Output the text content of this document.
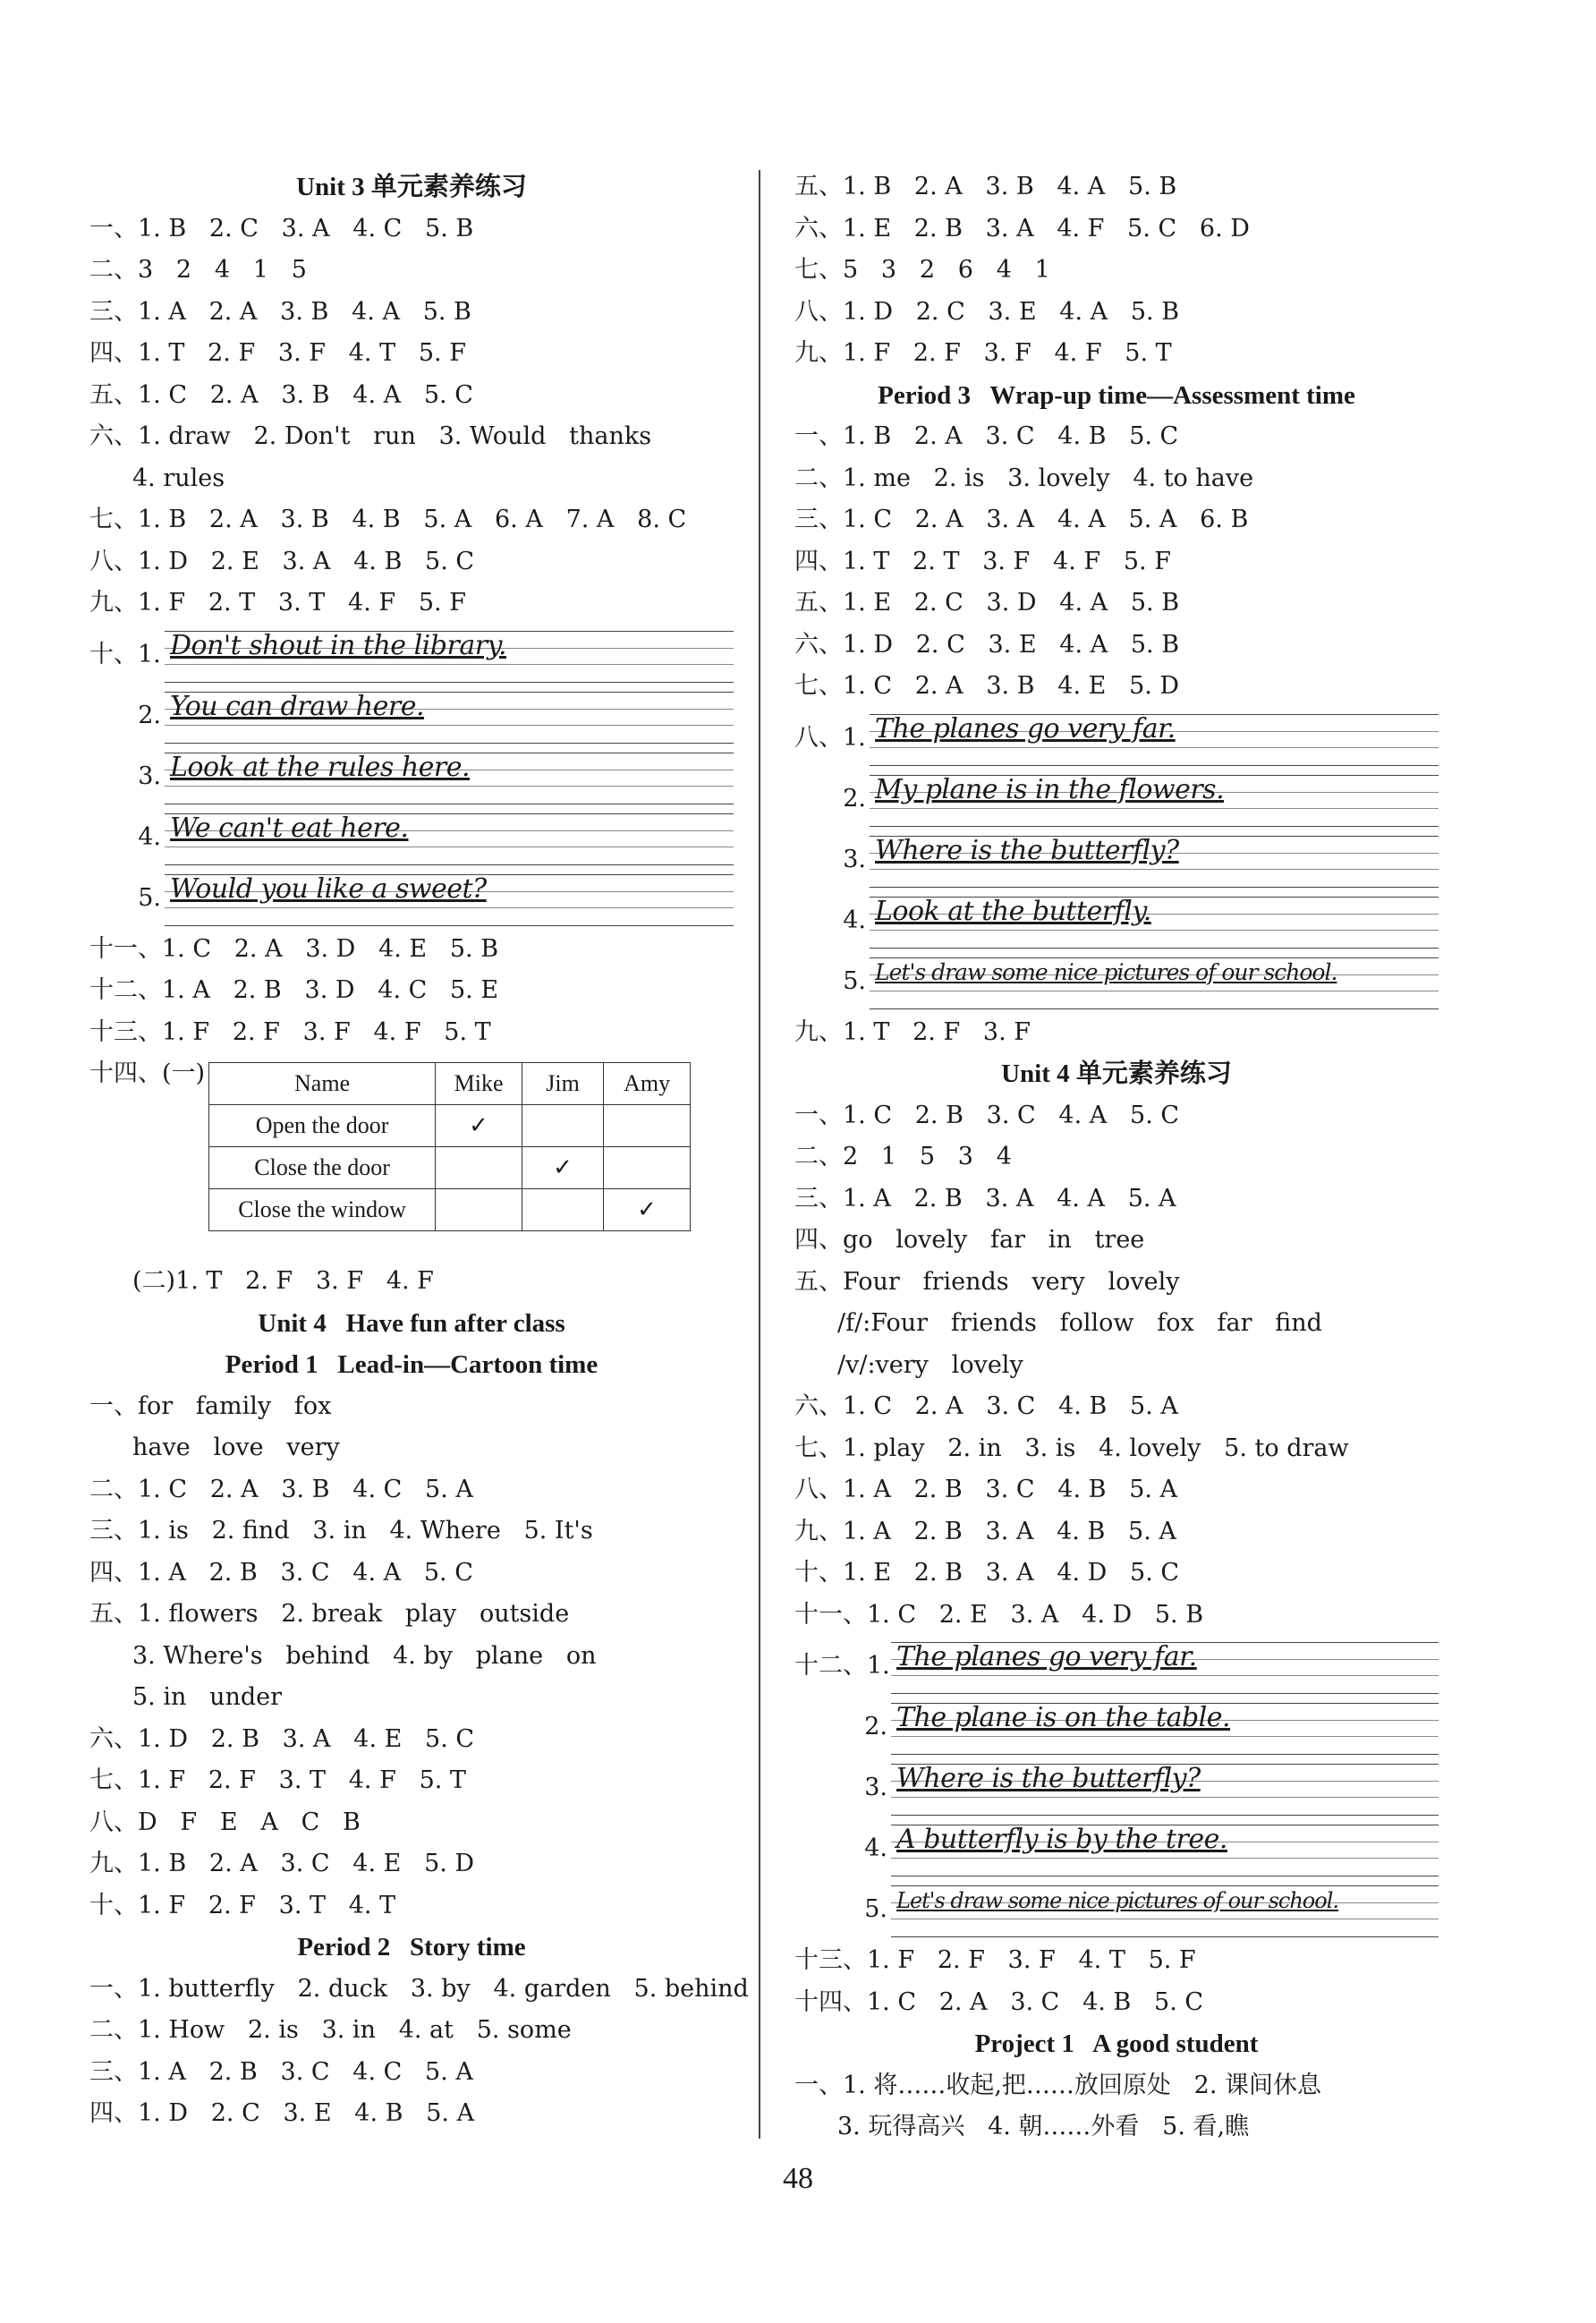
Unit 3 单元素养练习
一、1. B   2. C   3. A   4. C   5. B
二、3   2   4   1   5
三、1. A   2. A   3. B   4. A   5. B
四、1. T   2. F   3. F   4. T   5. F
五、1. C   2. A   3. B   4. A   5. C
六、1. draw   2. Don't   run   3. Would   thanks
4. rules
七、1. B   2. A   3. B   4. B   5. A   6. A   7. A   8. C
八、1. D   2. E   3. A   4. B   5. C
九、1. F   2. T   3. T   4. F   5. F
十、1. Don't shout in the library.
2. You can draw here.
3. Look at the rules here.
4. We can't eat here.
5. Would you like a sweet?
十一、1. C   2. A   3. D   4. E   5. B
十二、1. A   2. B   3. D   4. C   5. E
十三、1. F   2. F   3. F   4. F   5. T
十四、(一)	Name	Mike	Jim	Amy
Open the door	✓		
Close the door		✓	
Close the window			✓
(二)1. T   2. F   3. F   4. F
Unit 4   Have fun after class
Period 1   Lead-in—Cartoon time
一、for   family   fox
have   love   very
二、1. C   2. A   3. B   4. C   5. A
三、1. is   2. find   3. in   4. Where   5. It's
四、1. A   2. B   3. C   4. A   5. C
五、1. flowers   2. break   play   outside
3. Where's   behind   4. by   plane   on
5. in   under
六、1. D   2. B   3. A   4. E   5. C
七、1. F   2. F   3. T   4. F   5. T
八、D   F   E   A   C   B
九、1. B   2. A   3. C   4. E   5. D
十、1. F   2. F   3. T   4. T
Period 2   Story time
一、1. butterfly   2. duck   3. by   4. garden   5. behind
二、1. How   2. is   3. in   4. at   5. some
三、1. A   2. B   3. C   4. C   5. A
四、1. D   2. C   3. E   4. B   5. A
五、1. B   2. A   3. B   4. A   5. B
六、1. E   2. B   3. A   4. F   5. C   6. D
七、5   3   2   6   4   1
八、1. D   2. C   3. E   4. A   5. B
九、1. F   2. F   3. F   4. F   5. T
Period 3   Wrap-up time—Assessment time
一、1. B   2. A   3. C   4. B   5. C
二、1. me   2. is   3. lovely   4. to have
三、1. C   2. A   3. A   4. A   5. A   6. B
四、1. T   2. T   3. F   4. F   5. F
五、1. E   2. C   3. D   4. A   5. B
六、1. D   2. C   3. E   4. A   5. B
七、1. C   2. A   3. B   4. E   5. D
八、1. The planes go very far.
2. My plane is in the flowers.
3. Where is the butterfly?
4. Look at the butterfly.
5. Let's draw some nice pictures of our school.
九、1. T   2. F   3. F
Unit 4 单元素养练习
一、1. C   2. B   3. C   4. A   5. C
二、2   1   5   3   4
三、1. A   2. B   3. A   4. A   5. A
四、go   lovely   far   in   tree
五、Four   friends   very   lovely
/f/:Four   friends   follow   fox   far   find
/v/:very   lovely
六、1. C   2. A   3. C   4. B   5. A
七、1. play   2. in   3. is   4. lovely   5. to draw
八、1. A   2. B   3. C   4. B   5. A
九、1. A   2. B   3. A   4. B   5. A
十、1. E   2. B   3. A   4. D   5. C
十一、1. C   2. E   3. A   4. D   5. B
十二、1. The planes go very far.
2. The plane is on the table.
3. Where is the butterfly?
4. A butterfly is by the tree.
5. Let's draw some nice pictures of our school.
十三、1. F   2. F   3. F   4. T   5. F
十四、1. C   2. A   3. C   4. B   5. C
Project 1   A good student
一、1. 将……收起,把……放回原处   2. 课间休息
3. 玩得高兴   4. 朝……外看   5. 看,瞧
48
